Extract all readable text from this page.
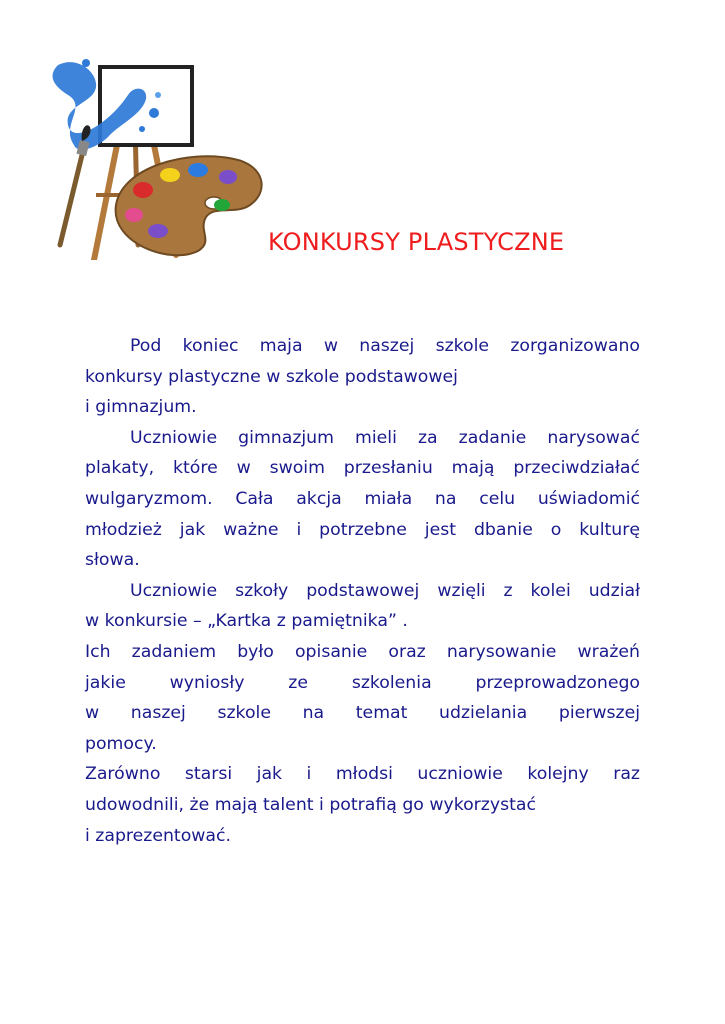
KONKURSY PLASTYCZNE

Pod koniec maja w naszej szkole zorganizowano

konkursy plastyczne w szkole podstawowej

i gimnazjum.

Uczniowie gimnazjum mieli za zadanie narysować

plakaty, które w swoim przesłaniu mają przeciwdziałać

wulgaryzmom. Cała akcja miała na celu uświadomić

młodzież jak ważne i potrzebne jest dbanie o kulturę

słowa.

Uczniowie szkoły podstawowej wzięli z kolei udział

w konkursie – „Kartka z pamiętnika” .

Ich zadaniem było opisanie oraz narysowanie wrażeń

jakie wyniosły ze szkolenia przeprowadzonego

w naszej szkole na temat udzielania pierwszej

pomocy.

Zarówno starsi jak i młodsi uczniowie kolejny raz

udowodnili, że mają talent i potrafią go wykorzystać

i zaprezentować.
